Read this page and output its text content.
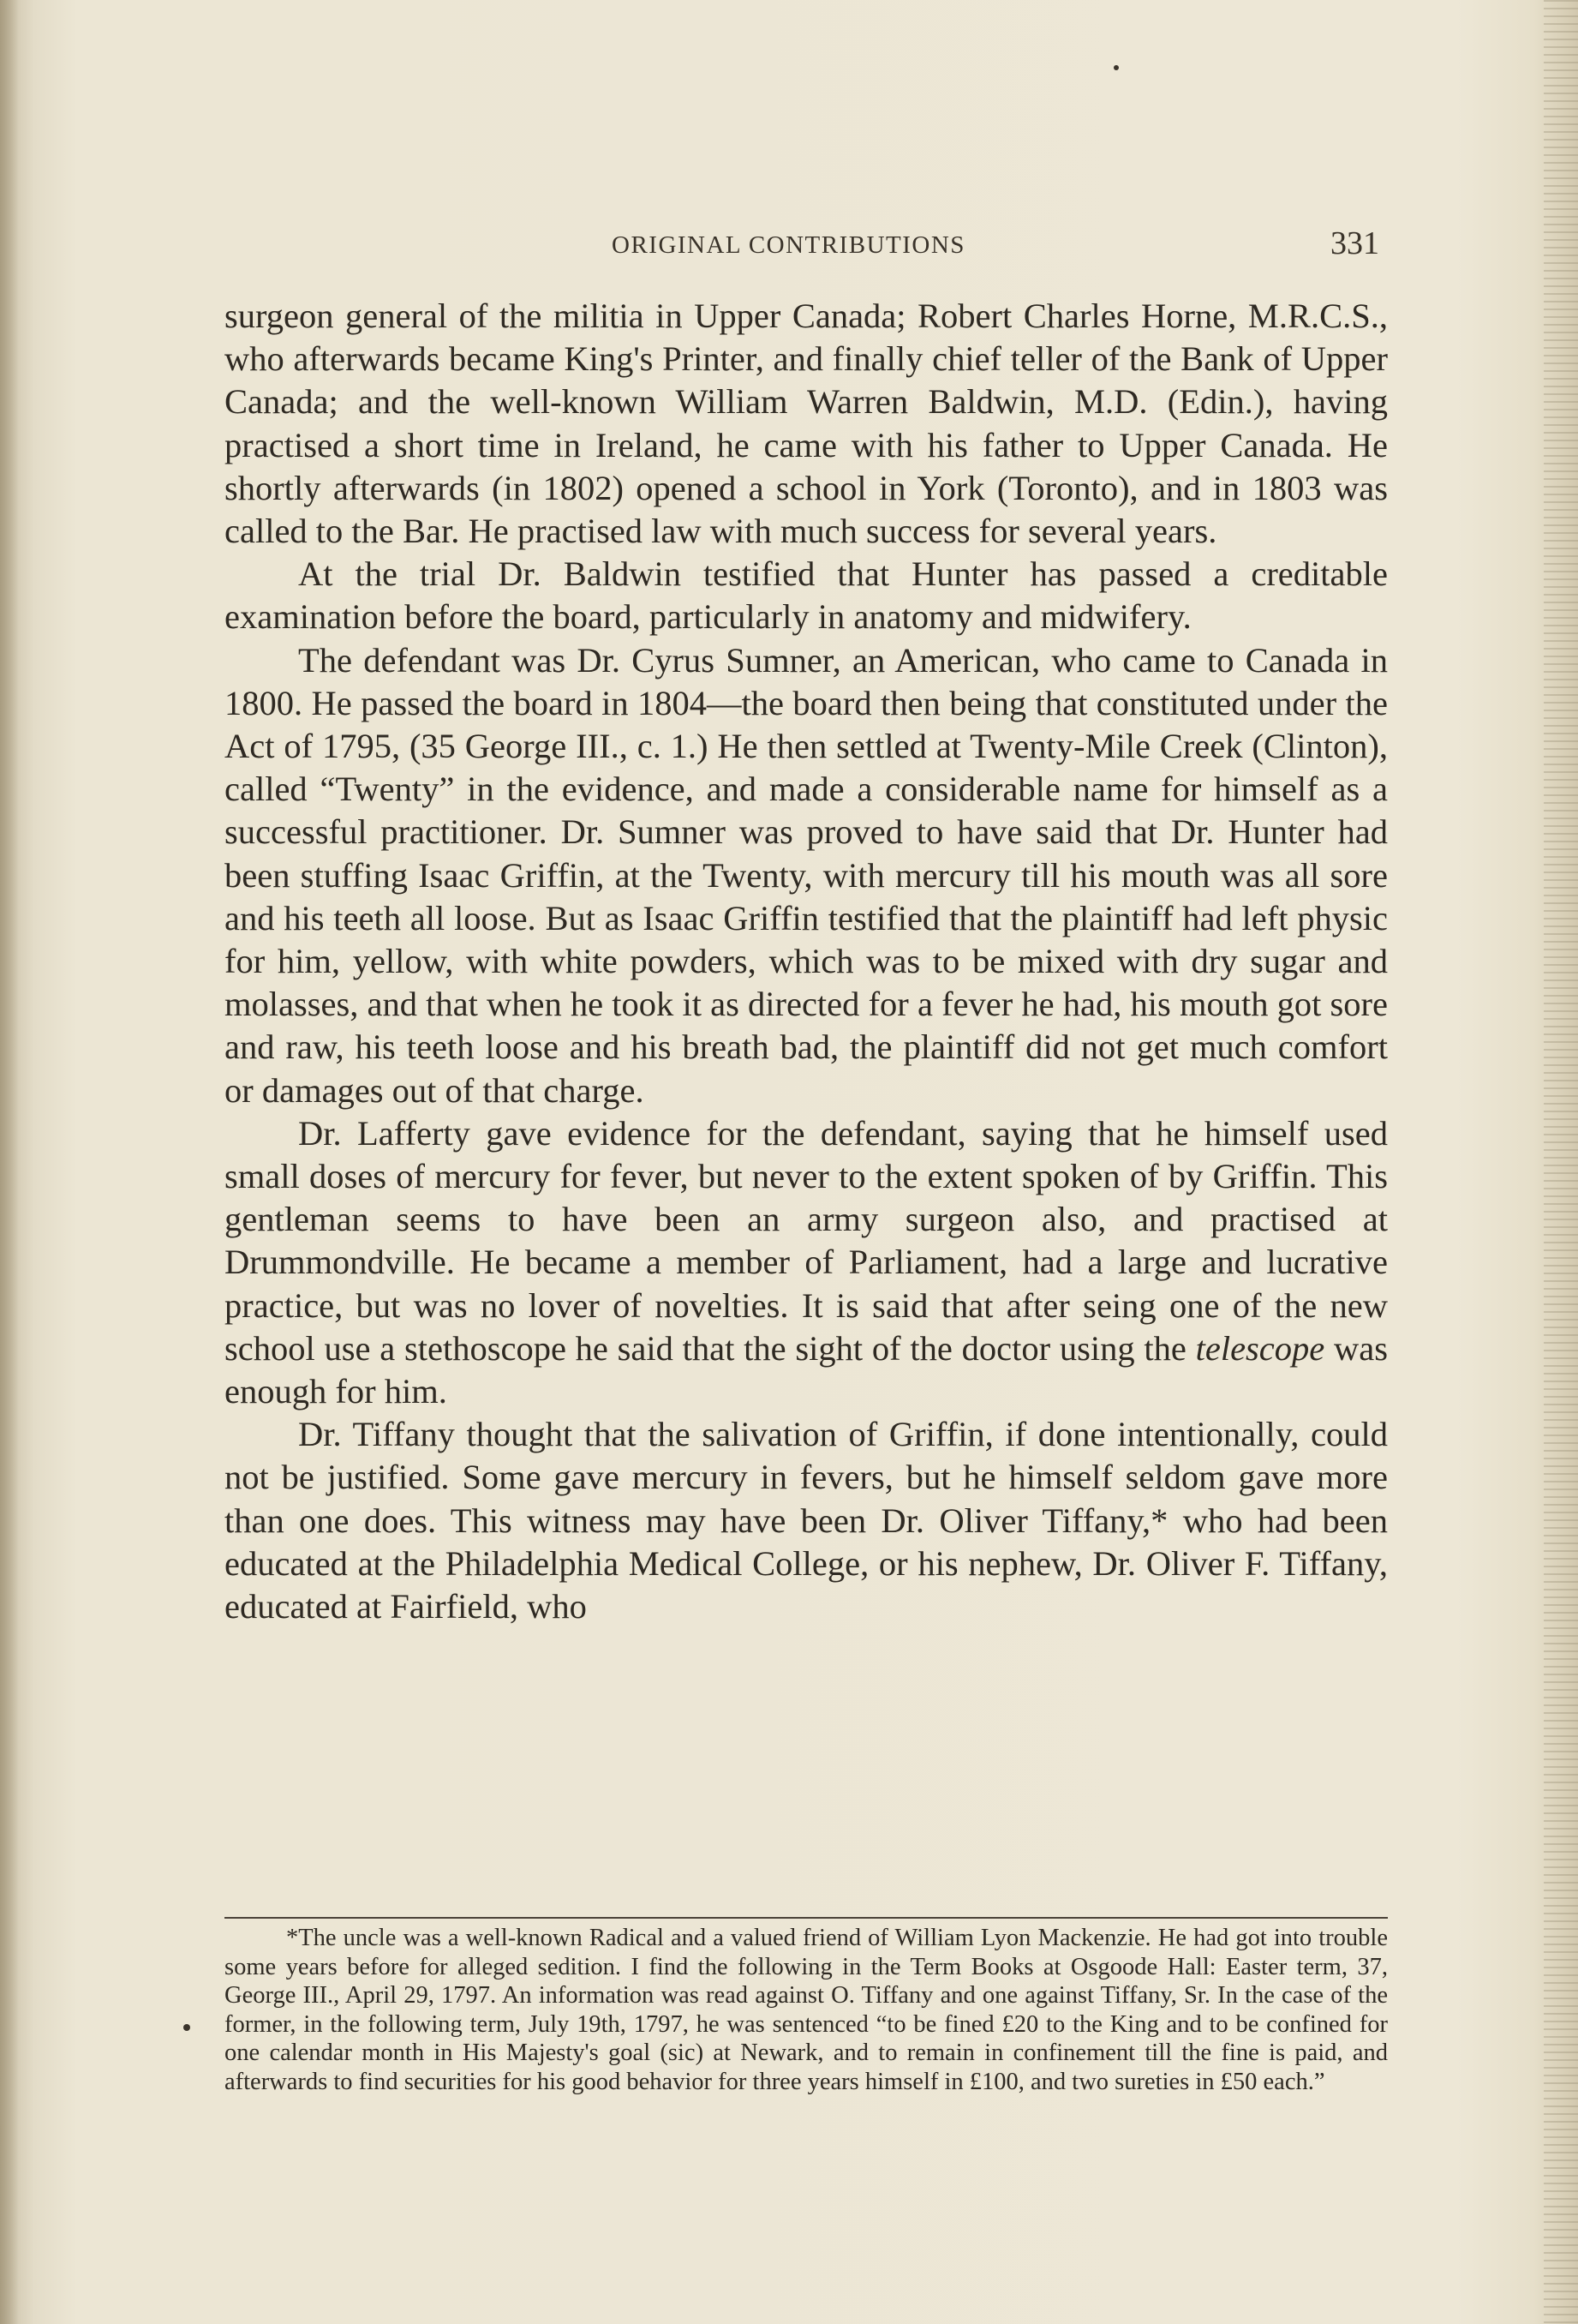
ORIGINAL CONTRIBUTIONS	331

surgeon general of the militia in Upper Canada; Robert Charles Horne, M.R.C.S., who afterwards became King's Printer, and finally chief teller of the Bank of Upper Canada; and the well-known William Warren Baldwin, M.D. (Edin.), having practised a short time in Ireland, he came with his father to Upper Canada. He shortly afterwards (in 1802) opened a school in York (Toronto), and in 1803 was called to the Bar. He practised law with much success for several years.

At the trial Dr. Baldwin testified that Hunter has passed a creditable examination before the board, particularly in anatomy and midwifery.

The defendant was Dr. Cyrus Sumner, an American, who came to Canada in 1800. He passed the board in 1804—the board then being that constituted under the Act of 1795, (35 George III., c. 1.) He then settled at Twenty-Mile Creek (Clinton), called “Twenty” in the evidence, and made a considerable name for himself as a successful practitioner. Dr. Sumner was proved to have said that Dr. Hunter had been stuffing Isaac Griffin, at the Twenty, with mercury till his mouth was all sore and his teeth all loose. But as Isaac Griffin testified that the plaintiff had left physic for him, yellow, with white powders, which was to be mixed with dry sugar and molasses, and that when he took it as directed for a fever he had, his mouth got sore and raw, his teeth loose and his breath bad, the plaintiff did not get much comfort or damages out of that charge.

Dr. Lafferty gave evidence for the defendant, saying that he himself used small doses of mercury for fever, but never to the extent spoken of by Griffin. This gentleman seems to have been an army surgeon also, and practised at Drummondville. He became a member of Parliament, had a large and lucrative practice, but was no lover of novelties. It is said that after seing one of the new school use a stethoscope he said that the sight of the doctor using the telescope was enough for him.

Dr. Tiffany thought that the salivation of Griffin, if done intentionally, could not be justified. Some gave mercury in fevers, but he himself seldom gave more than one does. This witness may have been Dr. Oliver Tiffany,* who had been educated at the Philadelphia Medical College, or his nephew, Dr. Oliver F. Tiffany, educated at Fairfield, who

*The uncle was a well-known Radical and a valued friend of William Lyon Mackenzie. He had got into trouble some years before for alleged sedition. I find the following in the Term Books at Osgoode Hall: Easter term, 37, George III., April 29, 1797. An information was read against O. Tiffany and one against Tiffany, Sr. In the case of the former, in the following term, July 19th, 1797, he was sentenced “to be fined £20 to the King and to be confined for one calendar month in His Majesty's goal (sic) at Newark, and to remain in confinement till the fine is paid, and afterwards to find securities for his good behavior for three years himself in £100, and two sureties in £50 each.”
